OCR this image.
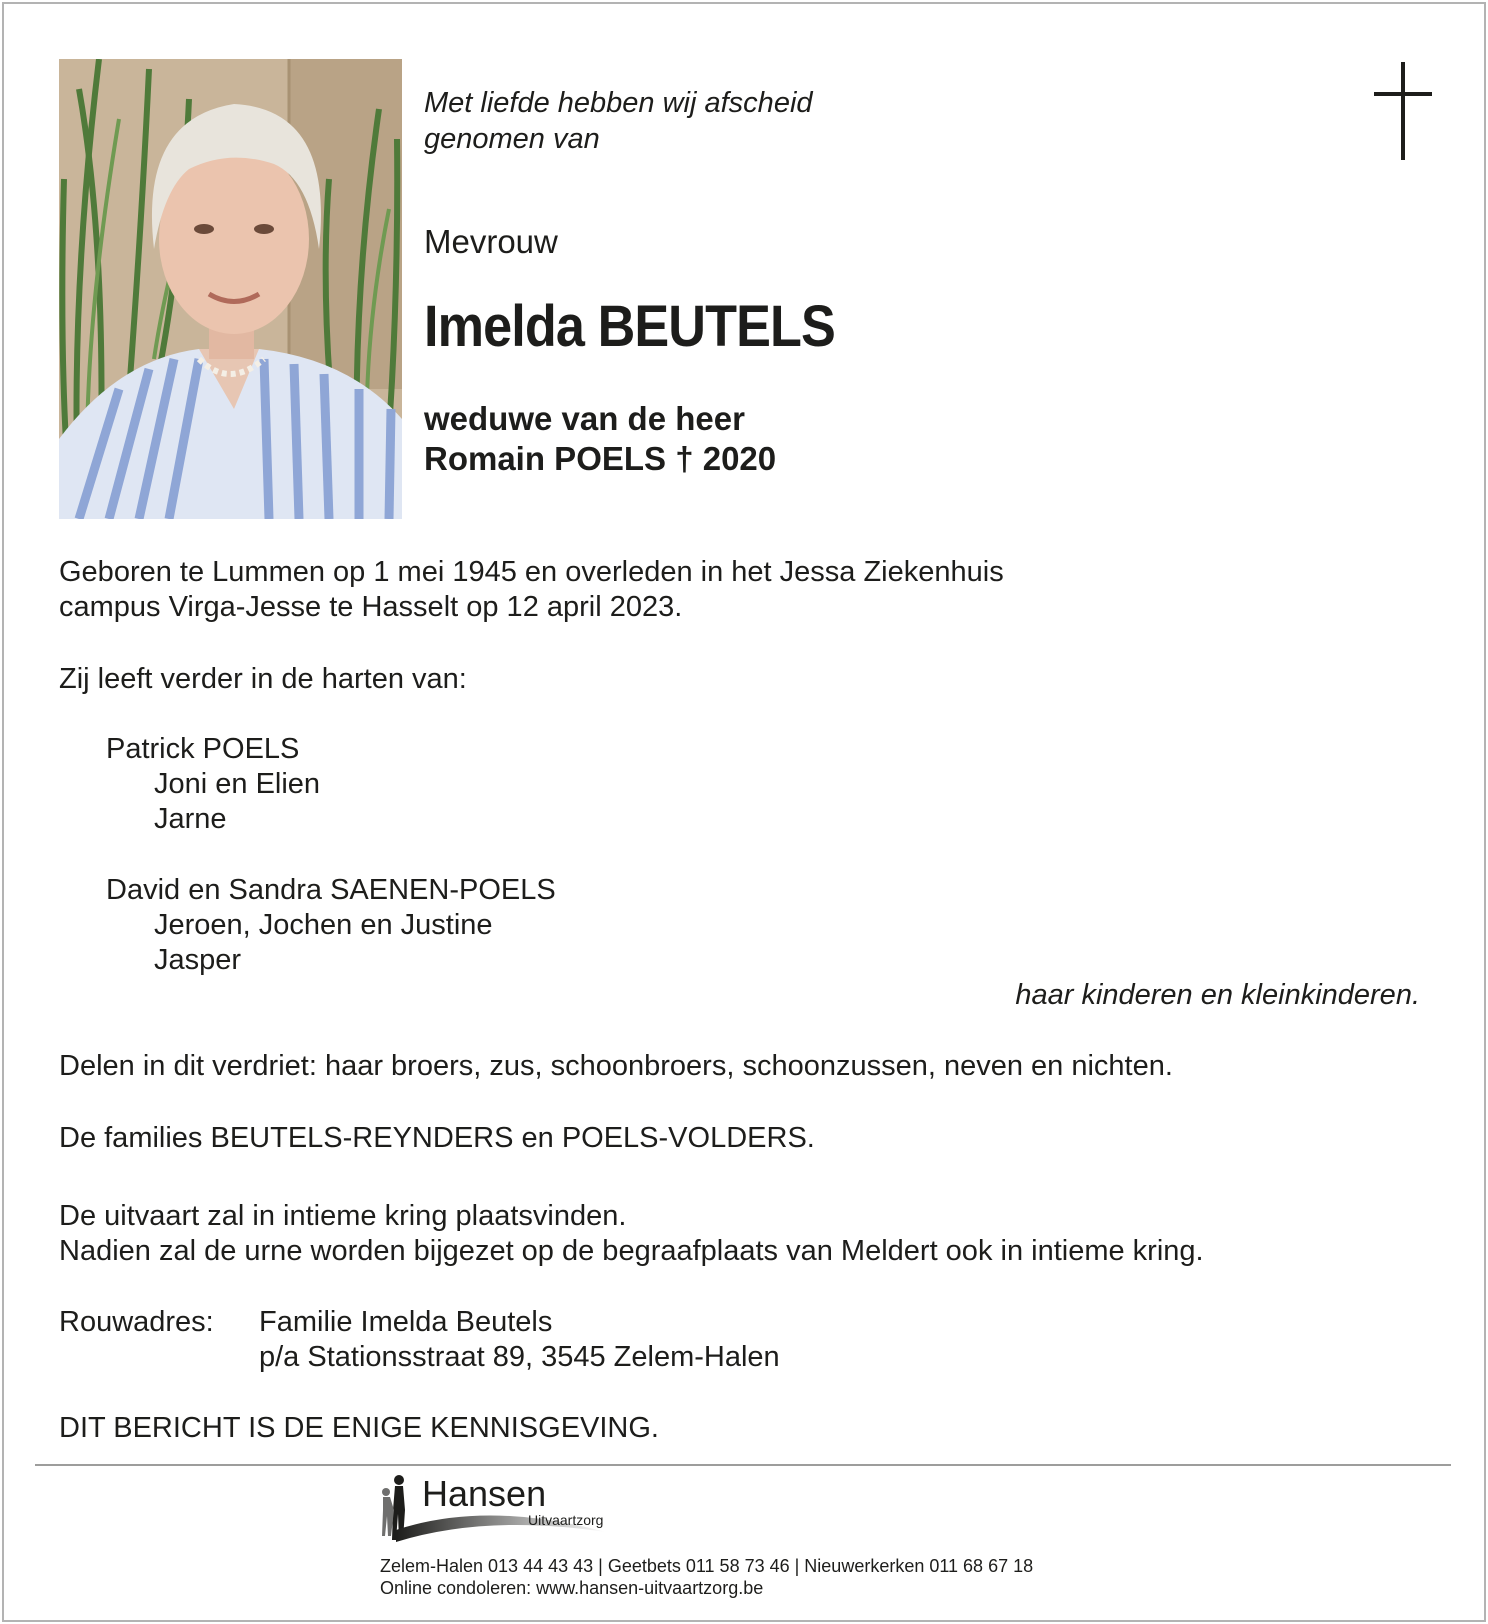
Met liefde hebben wij afscheid
genomen van
Mevrouw
Imelda BEUTELS
weduwe van de heer
Romain POELS † 2020
Geboren te Lummen op 1 mei 1945 en overleden in het Jessa Ziekenhuis
campus Virga-Jesse te Hasselt op 12 april 2023.
Zij leeft verder in de harten van:
Patrick POELS
Joni en Elien
Jarne
David en Sandra SAENEN-POELS
Jeroen, Jochen en Justine
Jasper
haar kinderen en kleinkinderen.
Delen in dit verdriet: haar broers, zus, schoonbroers, schoonzussen, neven en nichten.
De families BEUTELS-REYNDERS en POELS-VOLDERS.
De uitvaart zal in intieme kring plaatsvinden.
Nadien zal de urne worden bijgezet op de begraafplaats van Meldert ook in intieme kring.
Rouwadres: Familie Imelda Beutels
p/a Stationsstraat 89, 3545 Zelem-Halen
DIT BERICHT IS DE ENIGE KENNISGEVING.
Hansen
Uitvaartzorg
Zelem-Halen 013 44 43 43 | Geetbets 011 58 73 46 | Nieuwerkerken 011 68 67 18
Online condoleren: www.hansen-uitvaartzorg.be
